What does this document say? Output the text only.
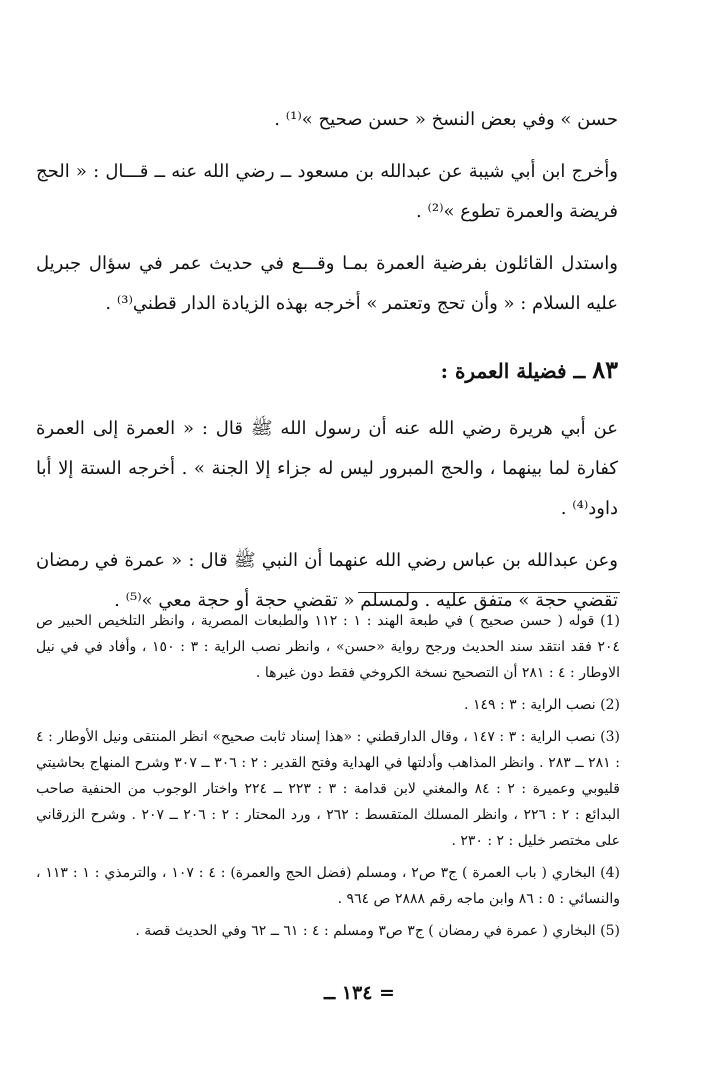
حسن » وفي بعض النسخ « حسن صحيح »⁽¹⁾ .

وأخرج ابن أبي شيبة عن عبدالله بن مسعود ــ رضي الله عنه ــ قـــال : « الحج فريضة والعمرة تطوع »⁽²⁾ .

واستدل القائلون بفرضية العمرة بمـا وقـــع في حديث عمر في سؤال جبريل عليه السلام : « وأن تحج وتعتمر » أخرجه بهذه الزيادة الدار قطني⁽³⁾ .

٨٣ ــ فضيلة العمرة :

عن أبي هريرة رضي الله عنه أن رسول الله ﷺ قال : « العمرة إلى العمرة كفارة لما بينهما ، والحج المبرور ليس له جزاء إلا الجنة » . أخرجه الستة إلا أبا داود⁽⁴⁾ .

وعن عبدالله بن عباس رضي الله عنهما أن النبي ﷺ قال : « عمرة في رمضان تقضي حجة » متفق عليه . ولمسلم « تقضي حجة أو حجة معي »⁽⁵⁾ .

(1) قوله ( حسن صحيح ) في طبعة الهند : ١ : ١١٢ والطبعات المصرية ، وانظر التلخيص الحبير ص ٢٠٤ فقد انتقد سند الحديث ورجح رواية «حسن» ، وانظر نصب الراية : ٣ : ١٥٠ ، وأفاد في في نيل الاوطار : ٤ : ٢٨١ أن التصحيح نسخة الكروخي فقط دون غيرها .

(2) نصب الراية : ٣ : ١٤٩ .

(3) نصب الراية : ٣ : ١٤٧ ، وقال الدارقطني : «هذا إسناد ثابت صحيح» انظر المنتقى ونيل الأوطار : ٤ : ٢٨١ ــ ٢٨٣ . وانظر المذاهب وأدلتها في الهداية وفتح القدير : ٢ : ٣٠٦ ــ ٣٠٧ وشرح المنهاج بحاشيتي قليوبي وعميرة : ٢ : ٨٤ والمغني لابن قدامة : ٣ : ٢٢٣ ــ ٢٢٤ واختار الوجوب من الحنفية صاحب البدائع : ٢ : ٢٢٦ ، وانظر المسلك المتقسط : ٢٦٢ ، ورد المحتار : ٢ : ٢٠٦ ــ ٢٠٧ . وشرح الزرقاني على مختصر خليل : ٢ : ٢٣٠ .

(4) البخاري ( باب العمرة ) ج٣ ص٢ ، ومسلم (فضل الحج والعمرة) : ٤ : ١٠٧ ، والترمذي : ١ : ١١٣ ، والنسائي : ٥ : ٨٦ وابن ماجه رقم ٢٨٨٨ ص ٩٦٤ .

(5) البخاري ( عمرة في رمضان ) ج٣ ص٣ ومسلم : ٤ : ٦١ ــ ٦٢ وفي الحديث قصة .

= ١٣٤ ــ
